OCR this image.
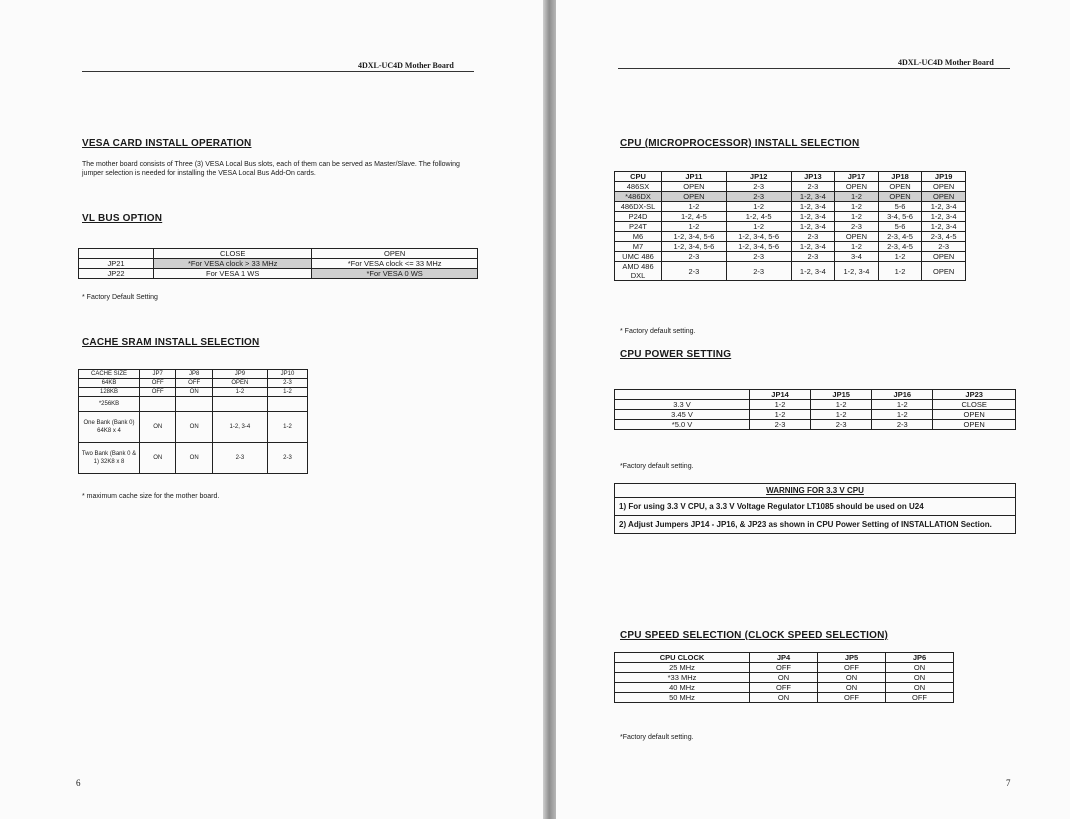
4DXL-UC4D Mother Board
VESA CARD INSTALL OPERATION
The mother board consists of Three (3) VESA Local Bus slots, each of them can be served as Master/Slave. The following jumper selection is needed for installing the VESA Local Bus Add-On cards.
VL BUS OPTION
	CLOSE	OPEN
JP21	*For VESA clock > 33 MHz	*For VESA clock <= 33 MHz
JP22	For VESA 1 WS	*For VESA 0 WS
* Factory Default Setting
CACHE SRAM INSTALL SELECTION
CACHE SIZE	JP7	JP8	JP9	JP10
64KB	OFF	OFF	OPEN	2-3
128KB	OFF	ON	1-2	1-2
*256KB				
One Bank (Bank 0) 64K8 x 4	ON	ON	1-2, 3-4	1-2
Two Bank (Bank 0 & 1) 32K8 x 8	ON	ON	2-3	2-3
* maximum cache size for the mother board.
6
4DXL-UC4D Mother Board
CPU (MICROPROCESSOR) INSTALL SELECTION
CPU	JP11	JP12	JP13	JP17	JP18	JP19
486SX	OPEN	2-3	2-3	OPEN	OPEN	OPEN
*486DX	OPEN	2-3	1-2, 3-4	1-2	OPEN	OPEN
486DX-SL	1-2	1-2	1-2, 3-4	1-2	5-6	1-2, 3-4
P24D	1-2, 4-5	1-2, 4-5	1-2, 3-4	1-2	3-4, 5-6	1-2, 3-4
P24T	1-2	1-2	1-2, 3-4	2-3	5-6	1-2, 3-4
M6	1-2, 3-4, 5-6	1-2, 3-4, 5-6	2-3	OPEN	2-3, 4-5	2-3, 4-5
M7	1-2, 3-4, 5-6	1-2, 3-4, 5-6	1-2, 3-4	1-2	2-3, 4-5	2-3
UMC 486	2-3	2-3	2-3	3-4	1-2	OPEN
AMD 486 DXL	2-3	2-3	1-2, 3-4	1-2, 3-4	1-2	OPEN
* Factory default setting.
CPU POWER SETTING
	JP14	JP15	JP16	JP23
3.3 V	1-2	1-2	1-2	CLOSE
3.45 V	1-2	1-2	1-2	OPEN
*5.0 V	2-3	2-3	2-3	OPEN
*Factory default setting.
WARNING FOR 3.3 V CPU
1) For using 3.3 V CPU, a 3.3 V Voltage Regulator LT1085 should be used on U24
2) Adjust Jumpers JP14 - JP16, & JP23 as shown in CPU Power Setting of INSTALLATION Section.
CPU SPEED SELECTION (CLOCK SPEED SELECTION)
CPU CLOCK	JP4	JP5	JP6
25 MHz	OFF	OFF	ON
*33 MHz	ON	ON	ON
40 MHz	OFF	ON	ON
50 MHz	ON	OFF	OFF
*Factory default setting.
7
